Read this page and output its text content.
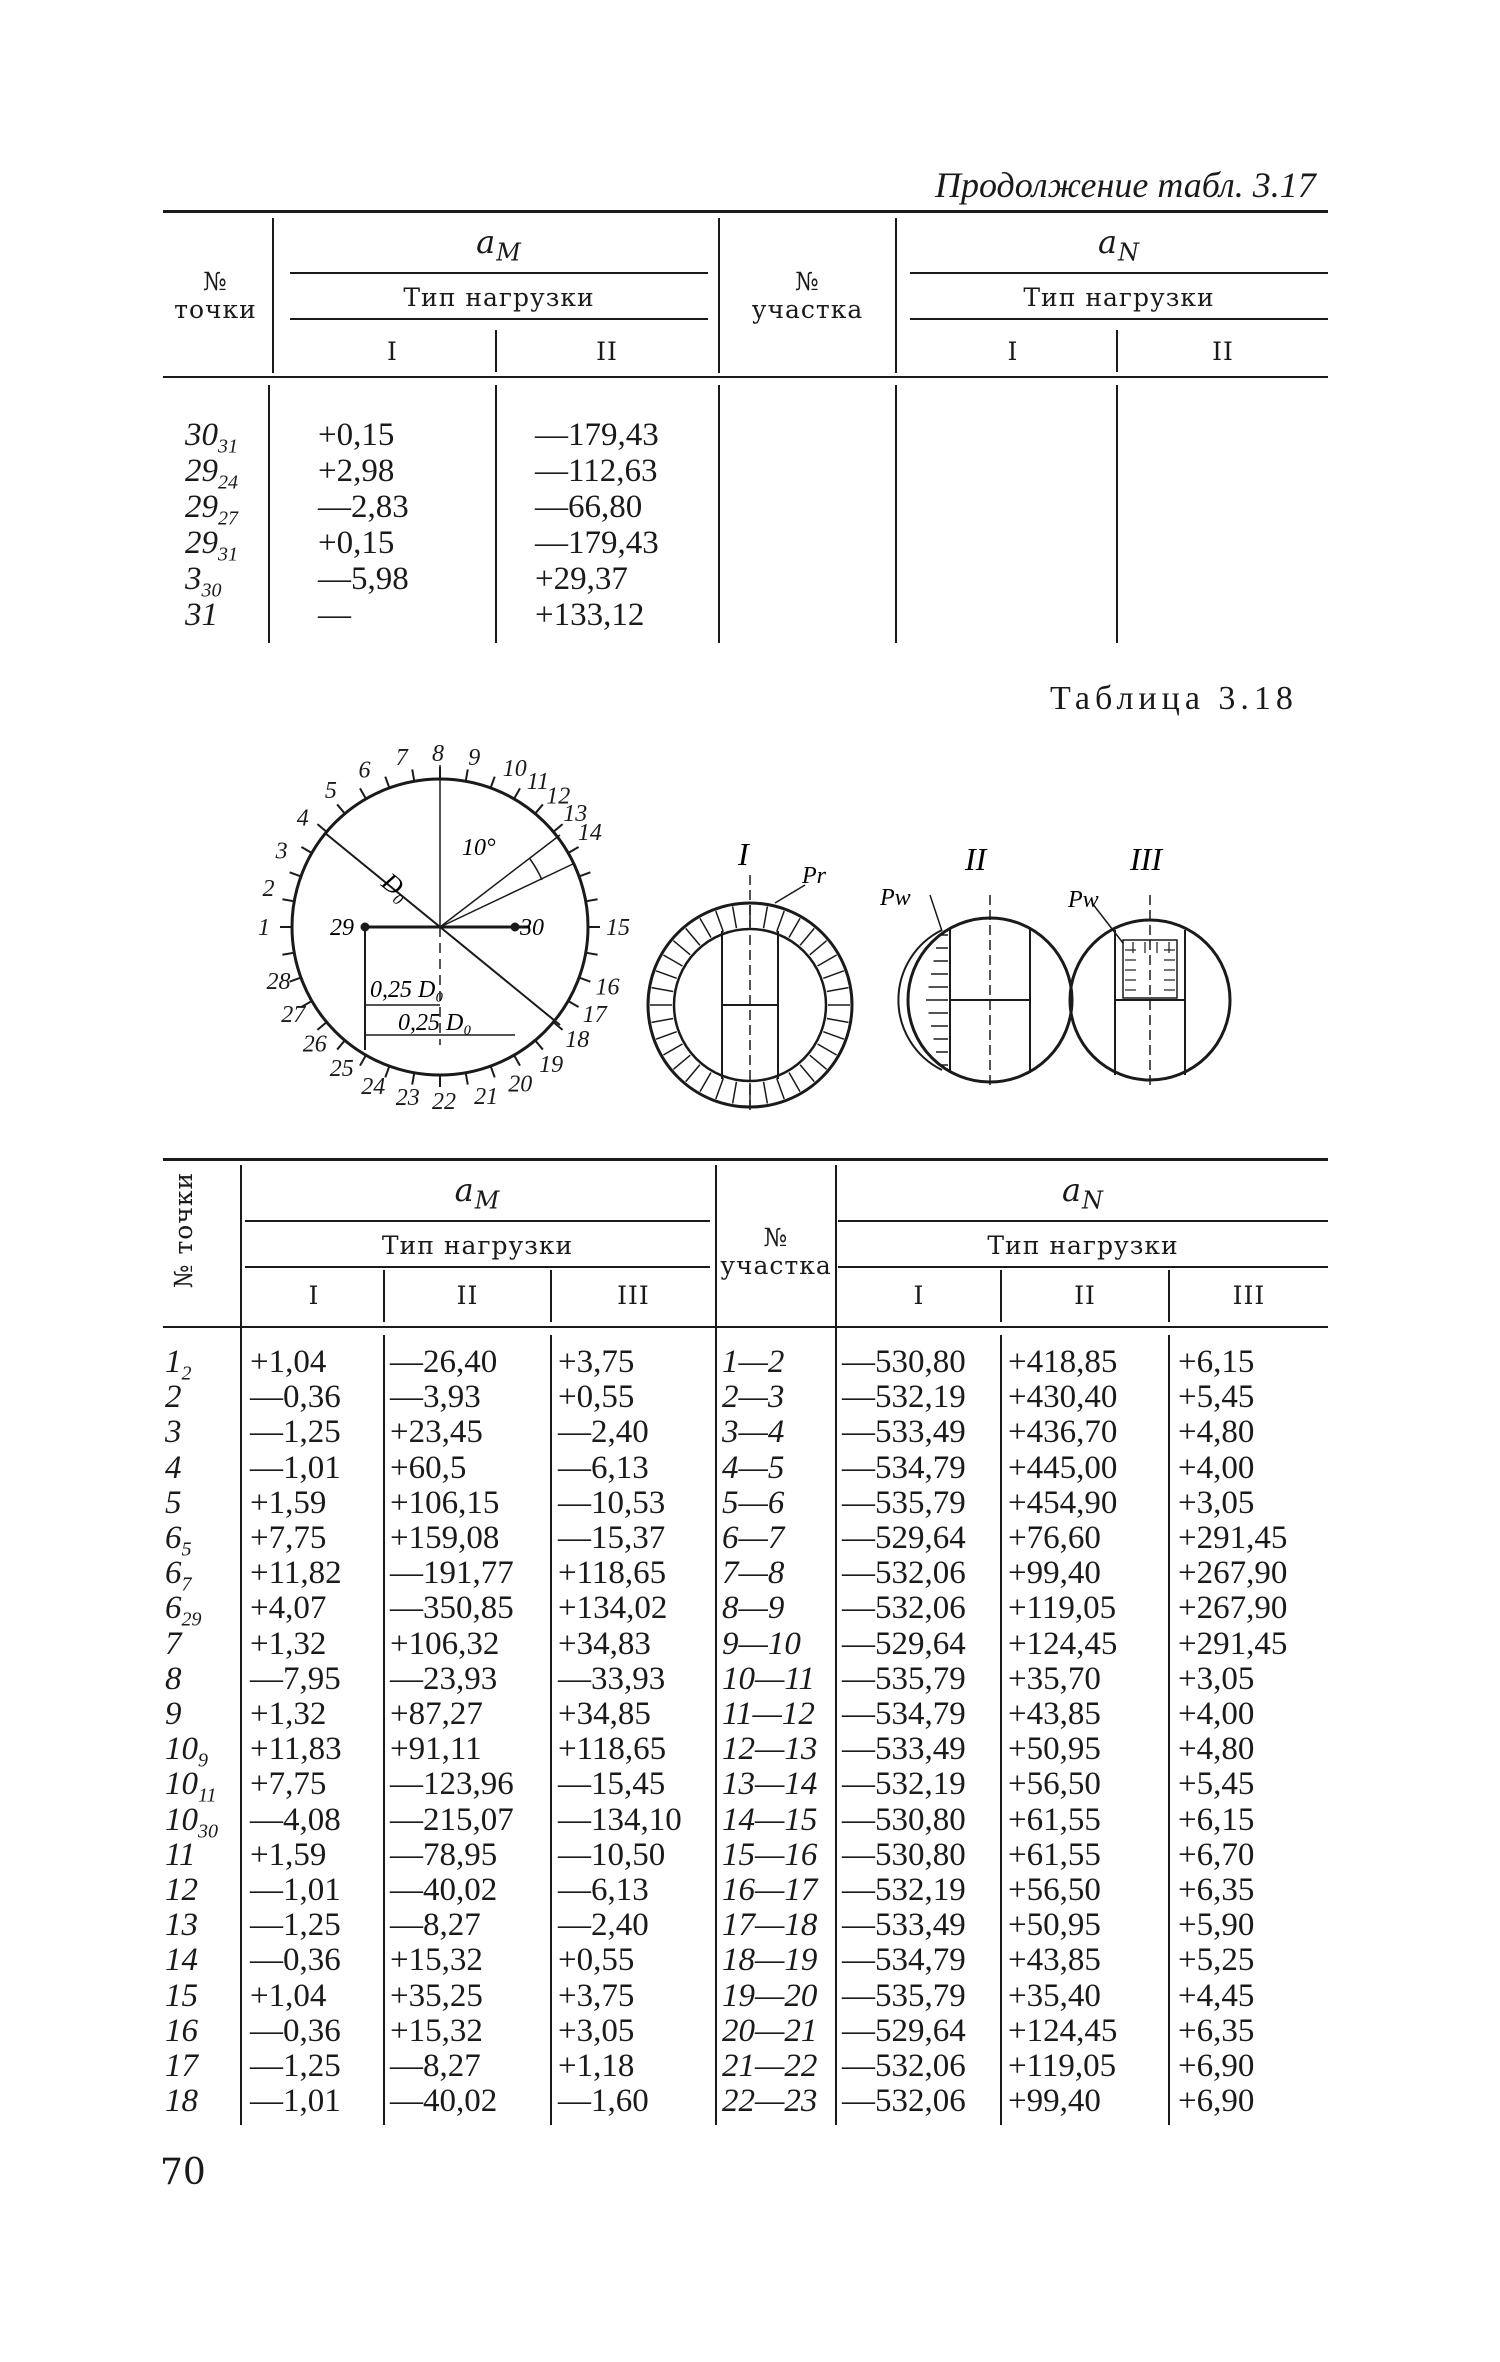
Продолжение табл. 3.17
Таблица 3.18
70
№
точки
$a_M$
Тип нагрузки
I	II
№
участка
$a_N$
Тип нагрузки
I	II
$30_{31} +0,15$	—179,43
$29_{24} +2,98$	—112,63
$29_{27}$ —2,83	—66,80
$29_{31} +0,15$	—179,43
$3_{30}$	—5,98	+29,37
31	—	+133,12
1
2
3
4
5
6 7 8 9 10
11
12
13
14
15
16
17
18
19
20
21
22
23
24
25
26
27
28
29	30
D₀
10°
0,25 D₀
0,25 D₀
I
Pr	II
Pw
III
Pw
№ точки	$a_M$
Тип нагрузки
I	II	III
№
участка
$a_N$
Тип нагрузки
I	II	III
$1_2 +1,04$ —26,40 +3,75	1—2 —530,80 +418,85 +6,15
2 —0,36 —3,93 +0,55	2—3 —532,19 +430,40 +5,45
3 —1,25 +23,45 —2,40 3—4 —533,49 +436,70 +4,80
4 —1,01 +60,5	—6,13 4—5 —534,79 +445,00 +4,00
5 +1,59 +106,15 —10,53 5—6 —535,79 +454,90 +3,05
$6_5 +7,75 +159,08$ —15,37 6—7 —529,64 +76,60 +291,45
$6_7 +11,82$ —191,77 +118,65 7—8 —532,06 +99,40 +267,90
$6_{29} +4,07$ —350,85 +134,02 8—9 —532,06 +119,05 +267,90
7 +1,32 +106,32 +34,83 9—10 —529,64 +124,45 +291,45
8 —7,95 —23,93 —33,93 10—11 —535,79 +35,70 +3,05
9 +1,32 +87,27 +34,85 11—12 —534,79 +43,85 +4,00
$10_9 +11,83 +91,11 +118,65$ 12—13 —533,49 +50,95 +4,80
$10_{11} +7,75$ —123,96 —15,45 13—14 —532,19 +56,50 +5,45
$10_{30}$ —4,08 —215,07 —134,10 14—15 —530,80 +61,55 +6,15
11 +1,59 —78,95 —10,50 15—16 —530,80 +61,55 +6,70
12 —1,01 —40,02 —6,13 16—17 —532,19 +56,50 +6,35
13 —1,25 —8,27 —2,40 17—18 —533,49 +50,95 +5,90
14 —0,36 +15,32 +0,55	18—19 —534,79 +43,85 +5,25
15 +1,04 +35,25 +3,75	19—20 —535,79 +35,40 +4,45
16 —0,36 +15,32 +3,05	20—21 —529,64 +124,45 +6,35
17 —1,25 —8,27 +1,18	21—22 —532,06 +119,05 +6,90
18 —1,01 —40,02 —1,60 22—23 —532,06 +99,40 +6,90
